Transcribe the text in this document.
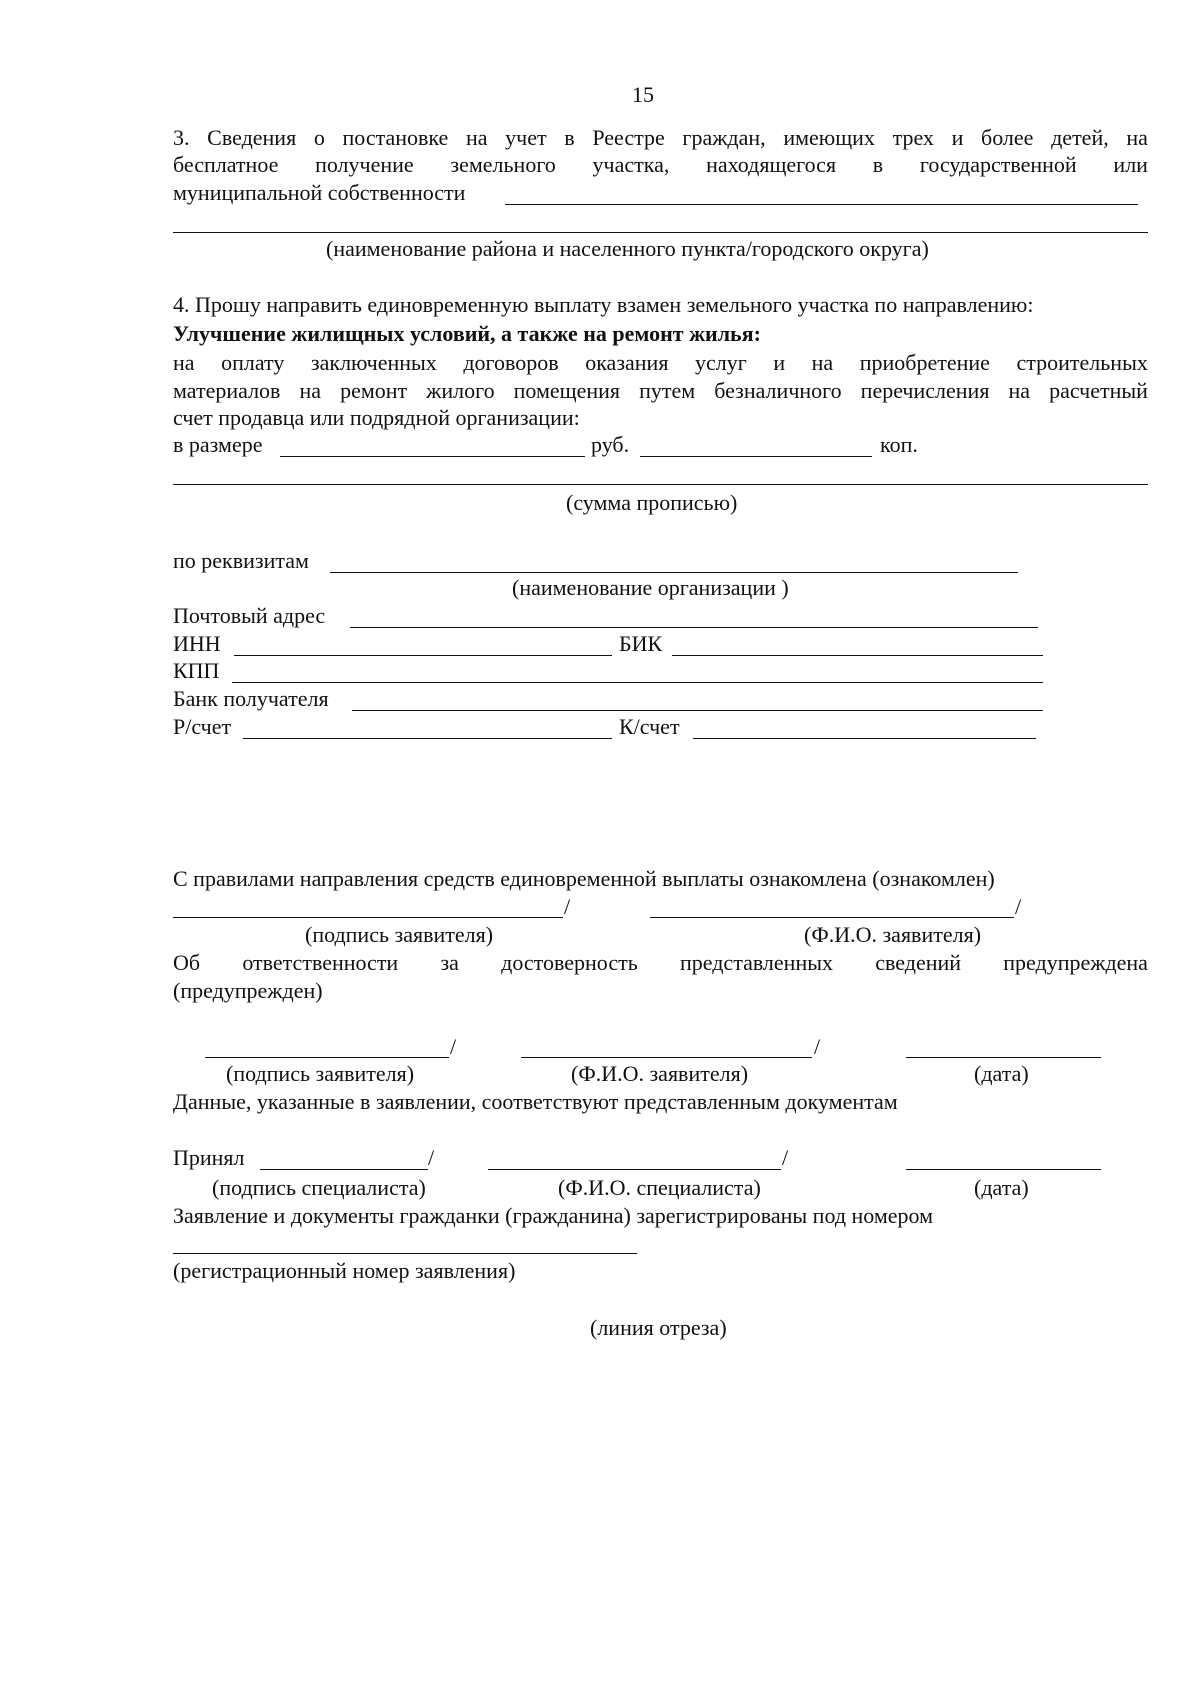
15
3. Сведения о постановке на учет в Реестре граждан, имеющих трех и более детей, на
бесплатное получение земельного участка, находящегося в государственной или
муниципальной собственности
(наименование района и населенного пункта/городского округа)
4. Прошу направить единовременную выплату взамен земельного участка по направлению:
Улучшение жилищных условий, а также на ремонт жилья:
на оплату заключенных договоров оказания услуг и на приобретение строительных
материалов на ремонт жилого помещения путем безналичного перечисления на расчетный
счет продавца или подрядной организации:
в размере	руб.	коп.
(сумма прописью)
по реквизитам
(наименование организации )
Почтовый адрес
ИНН	БИК
КПП
Банк получателя
Р/счет	К/счет
С правилами направления средств единовременной выплаты ознакомлена (ознакомлен)
/	/
(подпись заявителя)	(Ф.И.О. заявителя)
Об ответственности за достоверность представленных сведений предупреждена
(предупрежден)
/	/
(подпись заявителя)	(Ф.И.О. заявителя)	(дата)
Данные, указанные в заявлении, соответствуют представленным документам
Принял	/	/
(подпись специалиста)	(Ф.И.О. специалиста)	(дата)
Заявление и документы гражданки (гражданина) зарегистрированы под номером
(регистрационный номер заявления)
(линия отреза)
